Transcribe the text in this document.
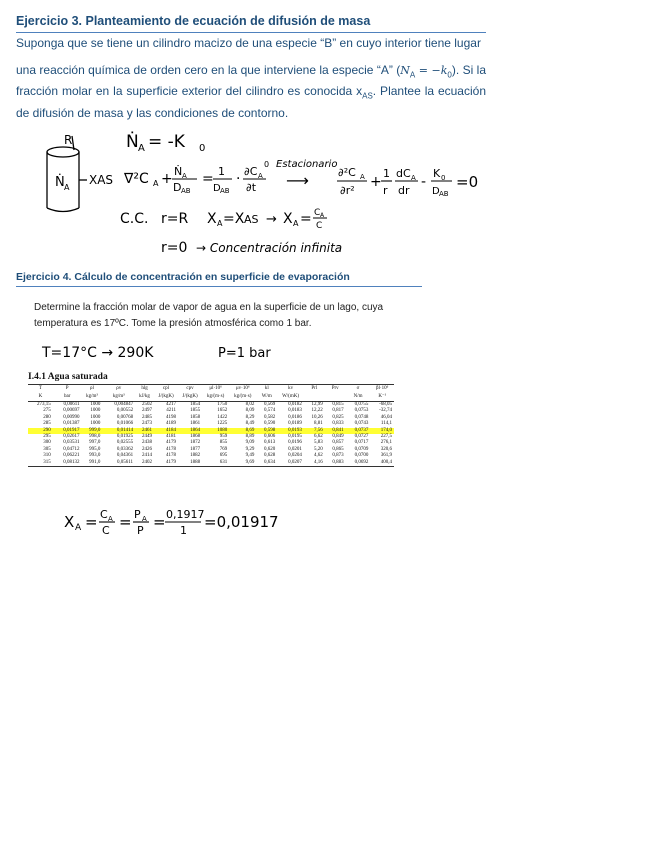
Ejercicio 3. Planteamiento de ecuación de difusión de masa
Suponga que se tiene un cilindro macizo de una especie “B” en cuyo interior tiene lugar
una reacción química de orden cero en la que interviene la especie “A” $(N_A = -k_0)$. Si la fracción molar en la superficie exterior del cilindro es conocida $x_{AS}$. Plantee la ecuación de difusión de masa y las condiciones de contorno.
R
Ṅ A
XAS
Ṅ A = -K 0
∇²C A + Ṅ A
D AB
= 1
D AB
· ∂C A
∂t
0 Estacionario
⟶	∂²C A
∂r²
+
1
r
dC A
dr
-
K 0
D AB
=0
C.C. r=R X A =X AS → X A = C A
C
r=0 → Concentración infinita
T=17°C → 290K	P=1 bar
X A = C A
C = P A
P = 0,1917
1 =0,01917
Ejercicio 4. Cálculo de concentración en superficie de evaporación
Determine la fracción molar de vapor de agua en la superficie de un lago, cuya temperatura es 17ºC. Tome la presión atmosférica como 1 bar.
I.4.1 Agua saturada
T	P	ρl	ρv	hlg	cpl	cpv	μl·10⁶	μv·10⁶	kl	kv	Prl	Prv	σ	βl·10⁶
K	bar	kg/m³	kg/m³	kJ/kg	J/(kgK)	J/(kgK)	kg/(m·s)	kg/(m·s)	W/m	W/(mK)			N/m	K⁻¹
273,15	0,00611	1000	0,004847	2502	4217	1854	1750	8,02	0,569	0,0182	12,99	0,815	0,0755	-68,05
275	0,00697	1000	0,00552	2497	4211	1855	1652	8,09	0,574	0,0183	12,22	0,817	0,0753	-32,74
280	0,00990	1000	0,00768	2485	4198	1858	1422	8,29	0,582	0,0186	10,26	0,825	0,0748	46,04
285	0,01387	1000	0,01066	2473	4189	1861	1225	8,49	0,590	0,0189	8,81	0,833	0,0743	114,1
290	0,01917	999,0	0,01414	2461	4184	1864	1080	8,69	0,598	0,0193	7,56	0,841	0,0737	174,0
295	0,02617	998,0	0,01925	2449	4181	1868	959	8,89	0,606	0,0195	6,62	0,849	0,0727	227,5
300	0,03531	997,0	0,02555	2438	4179	1872	855	9,09	0,613	0,0196	5,83	0,857	0,0717	276,1
305	0,04712	995,0	0,03362	2426	4178	1877	769	9,29	0,620	0,0201	5,20	0,865	0,0709	320,6
310	0,06221	993,0	0,04361	2414	4178	1882	695	9,49	0,628	0,0204	4,62	0,873	0,0700	361,9
315	0,08132	991,0	0,05611	2402	4179	1888	631	9,69	0,634	0,0207	4,16	0,883	0,0692	400,4
